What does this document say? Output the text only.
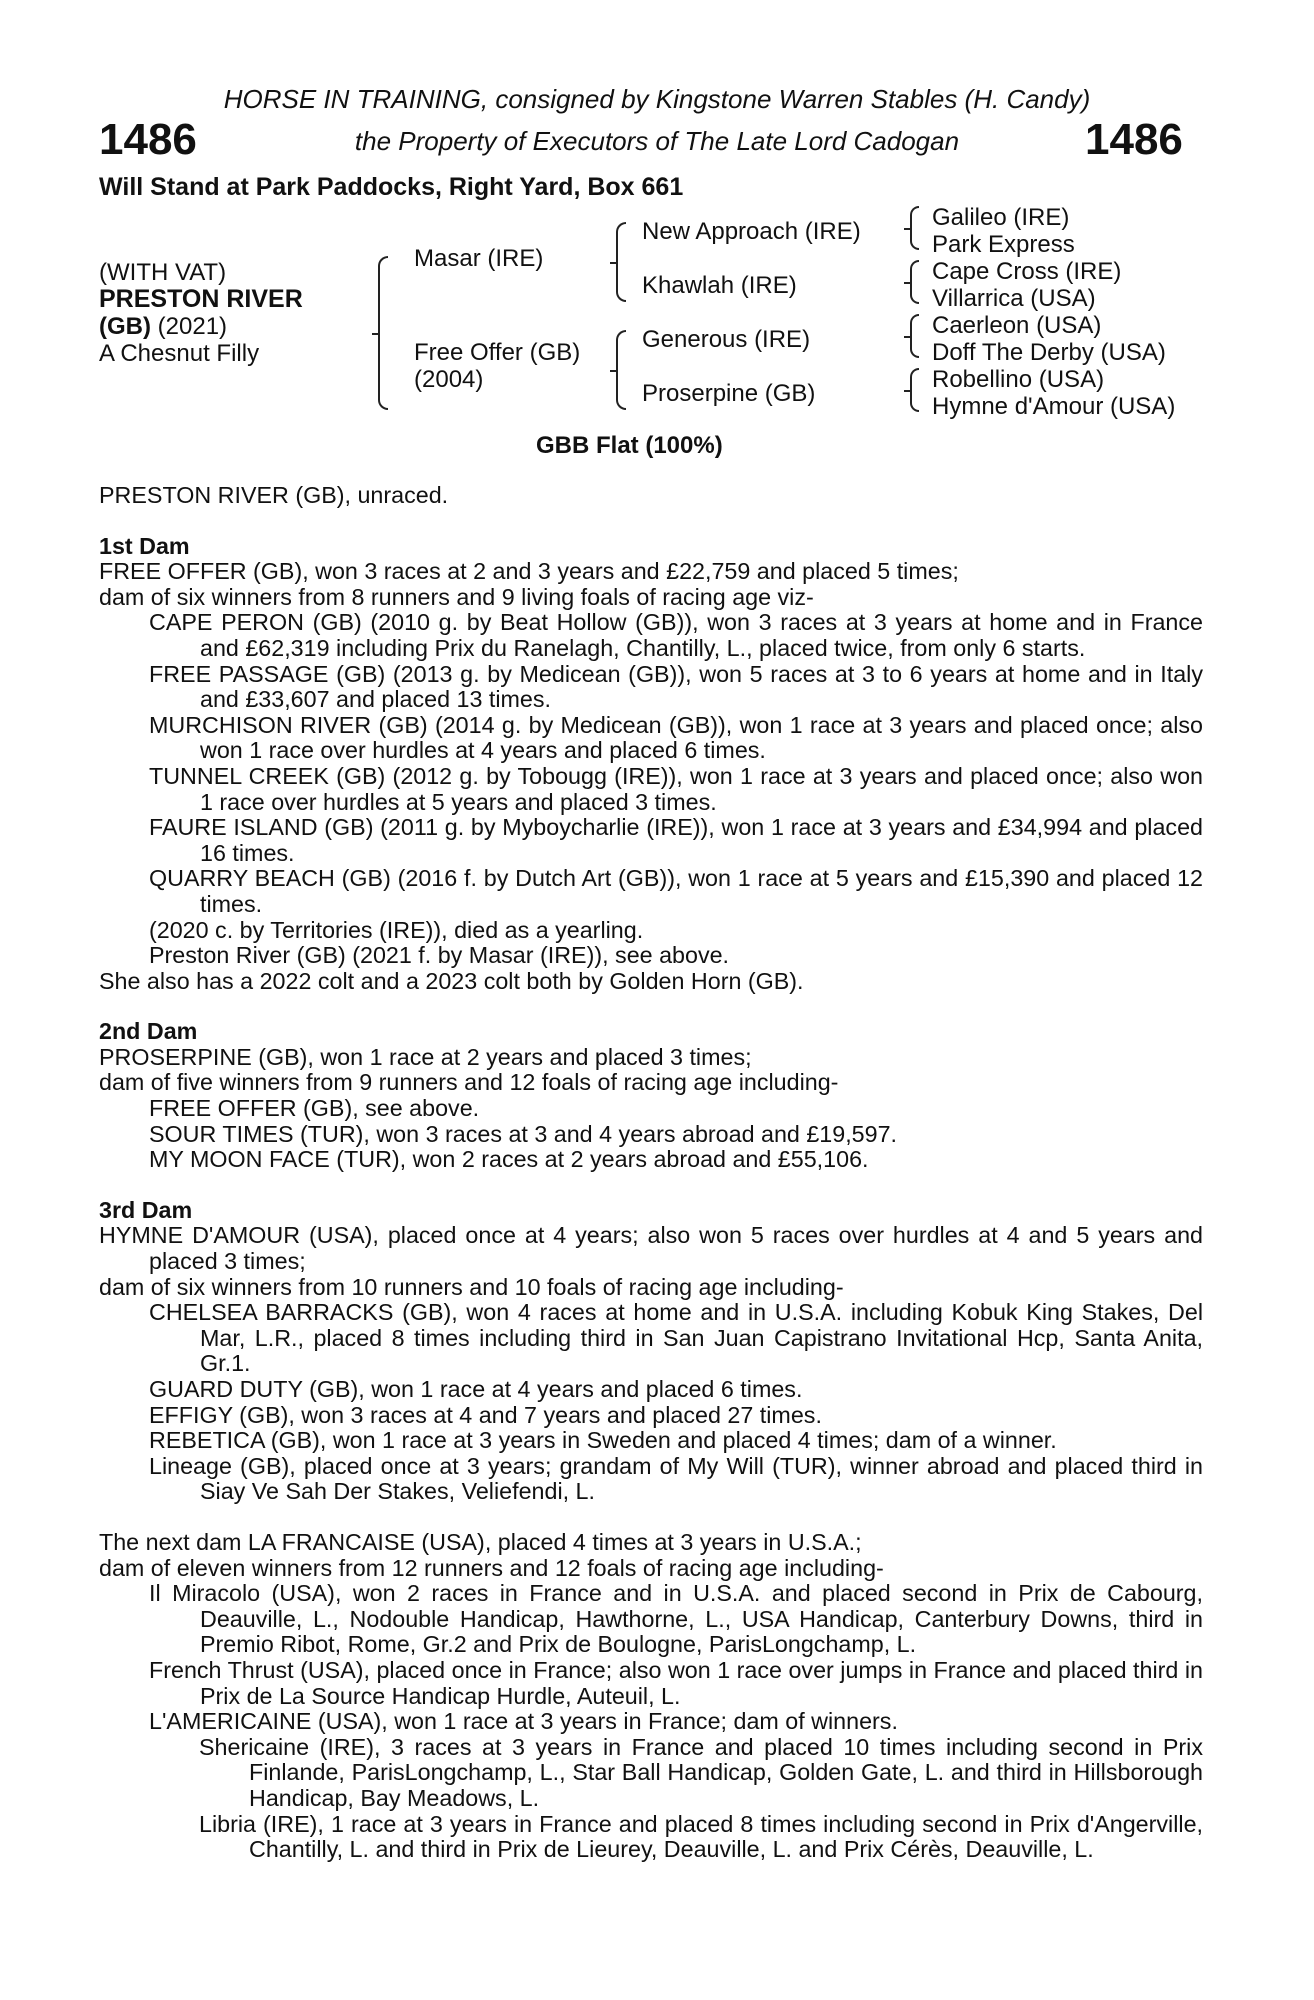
HORSE IN TRAINING, consigned by Kingstone Warren Stables (H. Candy)
the Property of Executors of The Late Lord Cadogan
1486	1486
Will Stand at Park Paddocks, Right Yard, Box 661
(WITH VAT)
PRESTON RIVER
(GB) (2021)
A Chesnut Filly
Masar (IRE)
Free Offer (GB)
(2004)
New Approach (IRE)
Khawlah (IRE)
Generous (IRE)
Proserpine (GB)
Galileo (IRE)
Park Express
Cape Cross (IRE)
Villarrica (USA)
Caerleon (USA)
Doff The Derby (USA)
Robellino (USA)
Hymne d'Amour (USA)
GBB Flat (100%)
PRESTON RIVER (GB), unraced.
1st Dam
FREE OFFER (GB), won 3 races at 2 and 3 years and £22,759 and placed 5 times;
dam of six winners from 8 runners and 9 living foals of racing age viz-
CAPE PERON (GB) (2010 g. by Beat Hollow (GB)), won 3 races at 3 years at home and in France and £62,319 including Prix du Ranelagh, Chantilly, L., placed twice, from only 6 starts.
FREE PASSAGE (GB) (2013 g. by Medicean (GB)), won 5 races at 3 to 6 years at home and in Italy and £33,607 and placed 13 times.
MURCHISON RIVER (GB) (2014 g. by Medicean (GB)), won 1 race at 3 years and placed once; also won 1 race over hurdles at 4 years and placed 6 times.
TUNNEL CREEK (GB) (2012 g. by Tobougg (IRE)), won 1 race at 3 years and placed once; also won 1 race over hurdles at 5 years and placed 3 times.
FAURE ISLAND (GB) (2011 g. by Myboycharlie (IRE)), won 1 race at 3 years and £34,994 and placed 16 times.
QUARRY BEACH (GB) (2016 f. by Dutch Art (GB)), won 1 race at 5 years and £15,390 and placed 12 times.
(2020 c. by Territories (IRE)), died as a yearling.
Preston River (GB) (2021 f. by Masar (IRE)), see above.
She also has a 2022 colt and a 2023 colt both by Golden Horn (GB).
2nd Dam
PROSERPINE (GB), won 1 race at 2 years and placed 3 times;
dam of five winners from 9 runners and 12 foals of racing age including-
FREE OFFER (GB), see above.
SOUR TIMES (TUR), won 3 races at 3 and 4 years abroad and £19,597.
MY MOON FACE (TUR), won 2 races at 2 years abroad and £55,106.
3rd Dam
HYMNE D'AMOUR (USA), placed once at 4 years; also won 5 races over hurdles at 4 and 5 years and placed 3 times;
dam of six winners from 10 runners and 10 foals of racing age including-
CHELSEA BARRACKS (GB), won 4 races at home and in U.S.A. including Kobuk King Stakes, Del Mar, L.R., placed 8 times including third in San Juan Capistrano Invitational Hcp, Santa Anita, Gr.1.
GUARD DUTY (GB), won 1 race at 4 years and placed 6 times.
EFFIGY (GB), won 3 races at 4 and 7 years and placed 27 times.
REBETICA (GB), won 1 race at 3 years in Sweden and placed 4 times; dam of a winner.
Lineage (GB), placed once at 3 years; grandam of My Will (TUR), winner abroad and placed third in Siay Ve Sah Der Stakes, Veliefendi, L.
The next dam LA FRANCAISE (USA), placed 4 times at 3 years in U.S.A.;
dam of eleven winners from 12 runners and 12 foals of racing age including-
Il Miracolo (USA), won 2 races in France and in U.S.A. and placed second in Prix de Cabourg, Deauville, L., Nodouble Handicap, Hawthorne, L., USA Handicap, Canterbury Downs, third in Premio Ribot, Rome, Gr.2 and Prix de Boulogne, ParisLongchamp, L.
French Thrust (USA), placed once in France; also won 1 race over jumps in France and placed third in Prix de La Source Handicap Hurdle, Auteuil, L.
L'AMERICAINE (USA), won 1 race at 3 years in France; dam of winners.
Shericaine (IRE), 3 races at 3 years in France and placed 10 times including second in Prix Finlande, ParisLongchamp, L., Star Ball Handicap, Golden Gate, L. and third in Hillsborough Handicap, Bay Meadows, L.
Libria (IRE), 1 race at 3 years in France and placed 8 times including second in Prix d'Angerville, Chantilly, L. and third in Prix de Lieurey, Deauville, L. and Prix Cérès, Deauville, L.
